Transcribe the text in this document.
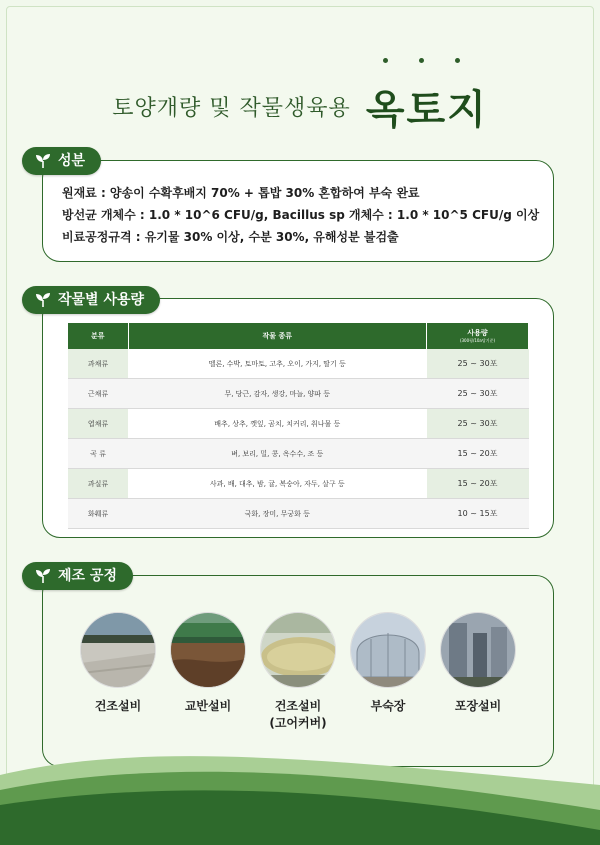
토양개량 및 작물생육용 옥토지
성분
원재료 : 양송이 수확후배지 70% + 톱밥 30% 혼합하여 부숙 완료
방선균 개체수 : 1.0 * 10^6 CFU/g, Bacillus sp 개체수 : 1.0 * 10^5 CFU/g 이상
비료공정규격 : 유기물 30% 이상, 수분 30%, 유해성분 불검출
작물별 사용량
분류	작물 종류	사용량
(300평/10a당기준)

과채류	멜론, 수박, 토마토, 고추, 오이, 가지, 딸기 등	25 ~ 30포
근채류	무, 당근, 감자, 생강, 마늘, 양파 등	25 ~ 30포
엽채류	배추, 상추, 깻잎, 곰치, 치커리, 취나물 등	25 ~ 30포
곡 류	벼, 보리, 밀, 콩, 옥수수, 조 등	15 ~ 20포
과실류	사과, 배, 대추, 밤, 귤, 복숭아, 자두, 살구 등	15 ~ 20포
화훼류	국화, 장미, 무궁화 등	10 ~ 15포
제조 공정
건조설비	교반설비	건조설비
(고어커버)
부숙장	포장설비
